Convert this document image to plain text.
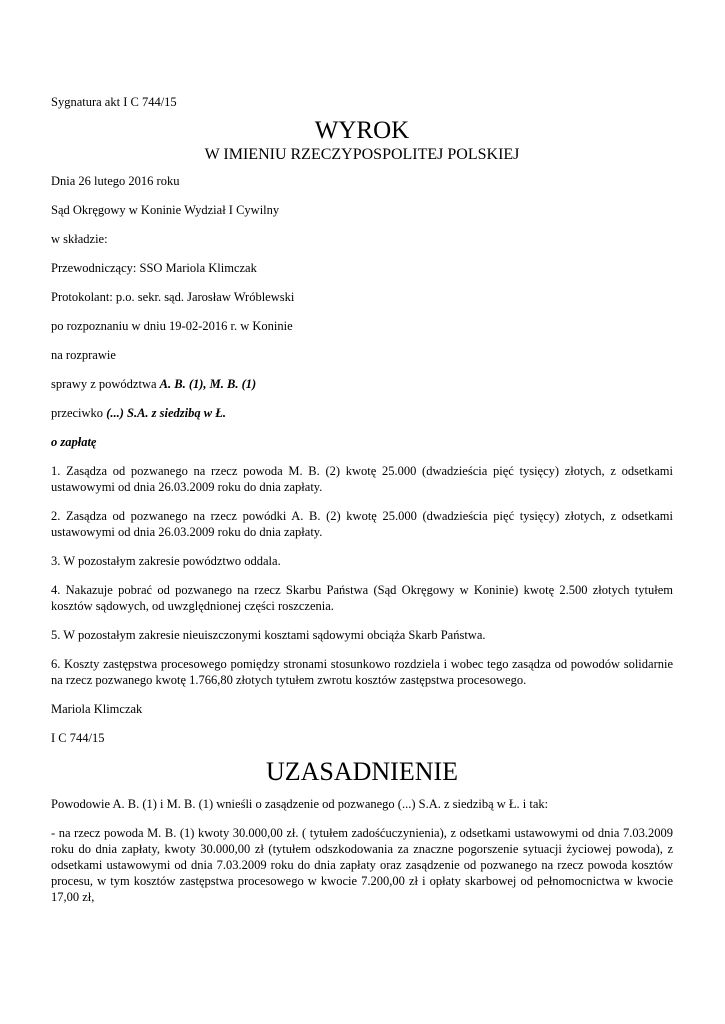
Sygnatura akt I C 744/15

WYROK
W IMIENIU RZECZYPOSPOLITEJ POLSKIEJ

Dnia 26 lutego 2016 roku

Sąd Okręgowy w Koninie Wydział I Cywilny

w składzie:

Przewodniczący: SSO Mariola Klimczak

Protokolant: p.o. sekr. sąd. Jarosław Wróblewski

po rozpoznaniu w dniu 19-02-2016 r. w Koninie

na rozprawie

sprawy z powództwa A. B. (1), M. B. (1)

przeciwko (...) S.A. z siedzibą w Ł.

o zapłatę

1. Zasądza od pozwanego na rzecz powoda M. B. (2) kwotę 25.000 (dwadzieścia pięć tysięcy) złotych, z odsetkami ustawowymi od dnia 26.03.2009 roku do dnia zapłaty.

2. Zasądza od pozwanego na rzecz powódki A. B. (2) kwotę 25.000 (dwadzieścia pięć tysięcy) złotych, z odsetkami ustawowymi od dnia 26.03.2009 roku do dnia zapłaty.

3. W pozostałym zakresie powództwo oddala.

4. Nakazuje pobrać od pozwanego na rzecz Skarbu Państwa (Sąd Okręgowy w Koninie) kwotę 2.500 złotych tytułem kosztów sądowych, od uwzględnionej części roszczenia.

5. W pozostałym zakresie nieuiszczonymi kosztami sądowymi obciąża Skarb Państwa.

6. Koszty zastępstwa procesowego pomiędzy stronami stosunkowo rozdziela i wobec tego zasądza od powodów solidarnie na rzecz pozwanego kwotę 1.766,80 złotych tytułem zwrotu kosztów zastępstwa procesowego.

Mariola Klimczak

I C 744/15

UZASADNIENIE

Powodowie A. B. (1) i M. B. (1) wnieśli o zasądzenie od pozwanego (...) S.A. z siedzibą w Ł. i tak:

- na rzecz powoda M. B. (1) kwoty 30.000,00 zł. ( tytułem zadośćuczynienia), z odsetkami ustawowymi od dnia 7.03.2009 roku do dnia zapłaty, kwoty 30.000,00 zł (tytułem odszkodowania za znaczne pogorszenie sytuacji życiowej powoda), z odsetkami ustawowymi od dnia 7.03.2009 roku do dnia zapłaty oraz zasądzenie od pozwanego na rzecz powoda kosztów procesu, w tym kosztów zastępstwa procesowego w kwocie 7.200,00 zł i opłaty skarbowej od pełnomocnictwa w kwocie 17,00 zł,
